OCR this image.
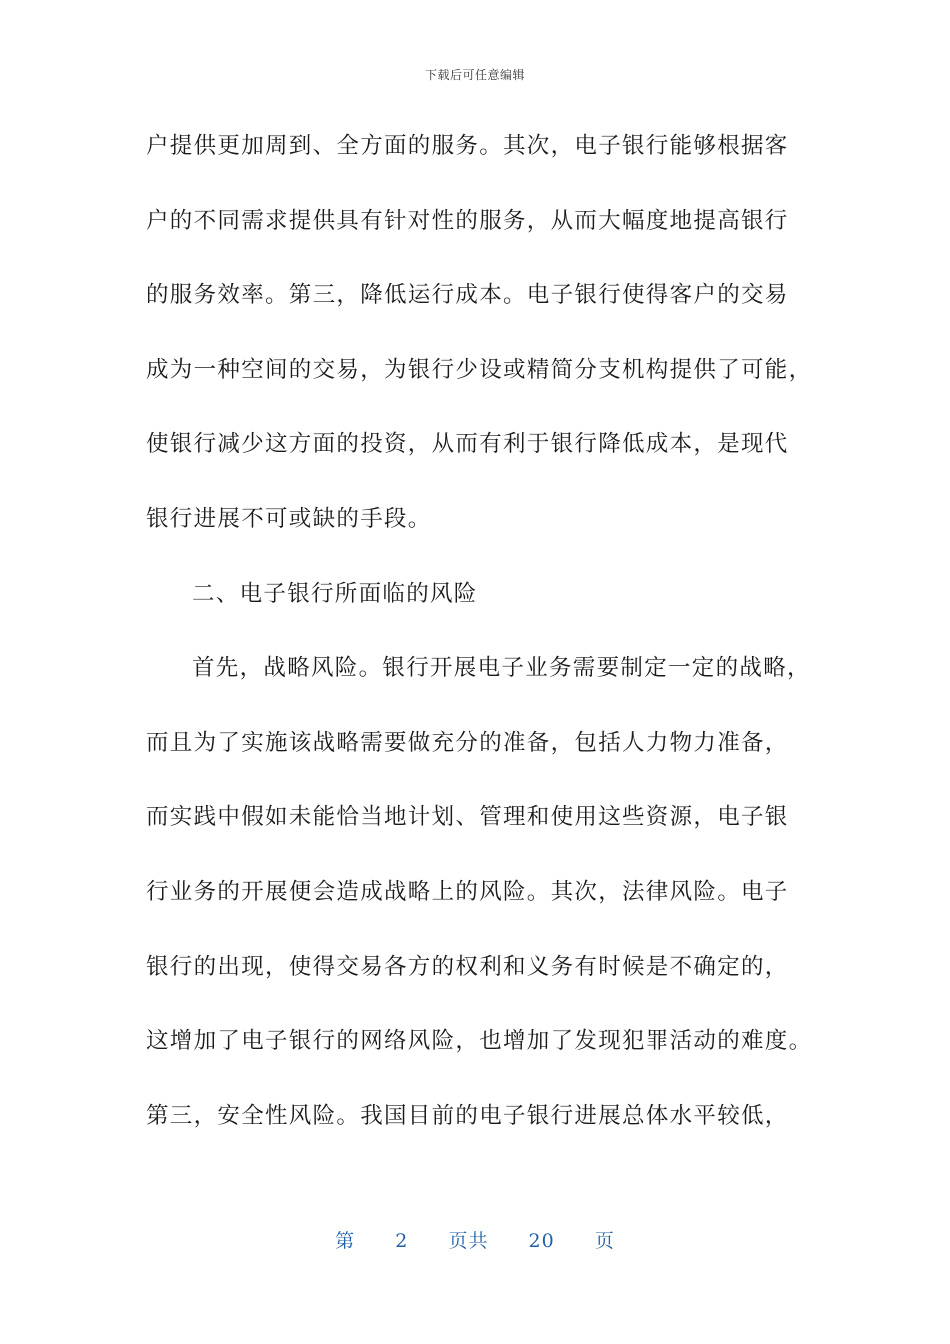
下载后可任意编辑
户提供更加周到、全方面的服务。其次，电子银行能够根据客
户的不同需求提供具有针对性的服务，从而大幅度地提高银行
的服务效率。第三，降低运行成本。电子银行使得客户的交易
成为一种空间的交易，为银行少设或精简分支机构提供了可能，
使银行减少这方面的投资，从而有利于银行降低成本，是现代
银行进展不可或缺的手段。
二、电子银行所面临的风险
首先，战略风险。银行开展电子业务需要制定一定的战略，
而且为了实施该战略需要做充分的准备，包括人力物力准备，
而实践中假如未能恰当地计划、管理和使用这些资源，电子银
行业务的开展便会造成战略上的风险。其次，法律风险。电子
银行的出现，使得交易各方的权利和义务有时候是不确定的，
这增加了电子银行的网络风险，也增加了发现犯罪活动的难度。
第三，安全性风险。我国目前的电子银行进展总体水平较低，
第 2 页共 20 页
